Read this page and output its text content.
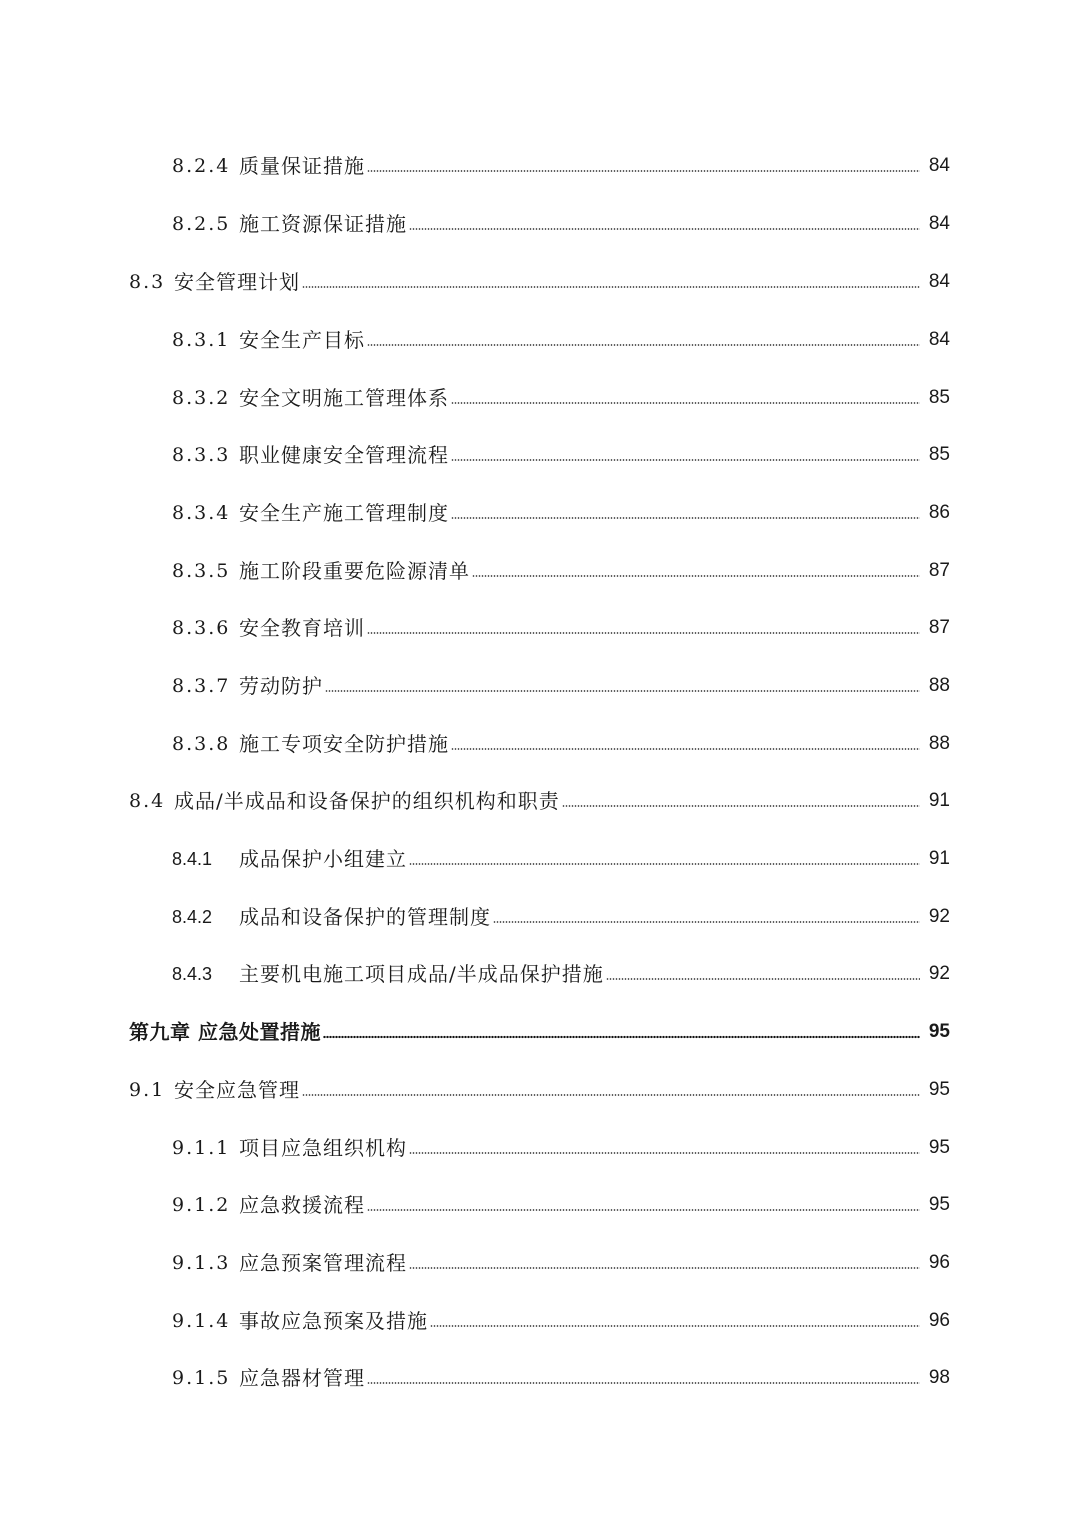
8.2.4 质量保证措施	84
8.2.5 施工资源保证措施	84
8.3 安全管理计划	84
8.3.1 安全生产目标	84
8.3.2 安全文明施工管理体系	85
8.3.3 职业健康安全管理流程	85
8.3.4 安全生产施工管理制度	86
8.3.5 施工阶段重要危险源清单	87
8.3.6 安全教育培训	87
8.3.7 劳动防护	88
8.3.8 施工专项安全防护措施	88
8.4 成品/半成品和设备保护的组织机构和职责	91
8.4.1	成品保护小组建立	91
8.4.2	成品和设备保护的管理制度	92
8.4.3	主要机电施工项目成品/半成品保护措施	92
第九章 应急处置措施	95
9.1 安全应急管理	95
9.1.1 项目应急组织机构	95
9.1.2 应急救援流程	95
9.1.3 应急预案管理流程	96
9.1.4 事故应急预案及措施	96
9.1.5 应急器材管理	98
